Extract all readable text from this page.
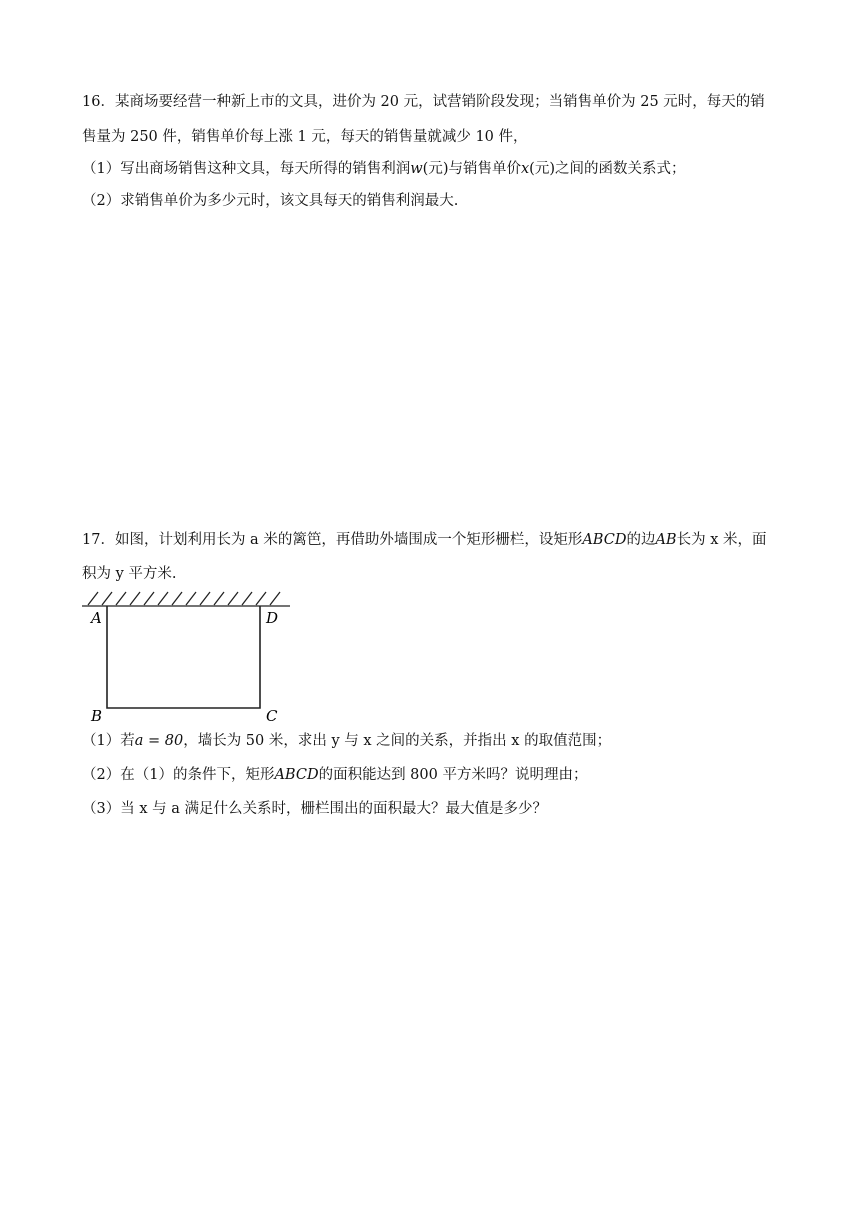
16．某商场要经营一种新上市的文具，进价为 20 元，试营销阶段发现；当销售单价为 25 元时，每天的销
售量为 250 件，销售单价每上涨 1 元，每天的销售量就减少 10 件，
（1）写出商场销售这种文具，每天所得的销售利润w(元)与销售单价x(元)之间的函数关系式；
（2）求销售单价为多少元时，该文具每天的销售利润最大.
17．如图，计划利用长为 a 米的篱笆，再借助外墙围成一个矩形栅栏，设矩形ABCD的边AB长为 x 米，面
积为 y 平方米.
A	D
B	C
（1）若a = 80，墙长为 50 米，求出 y 与 x 之间的关系，并指出 x 的取值范围；
（2）在（1）的条件下，矩形ABCD的面积能达到 800 平方米吗？说明理由；
（3）当 x 与 a 满足什么关系时，栅栏围出的面积最大？最大值是多少？
